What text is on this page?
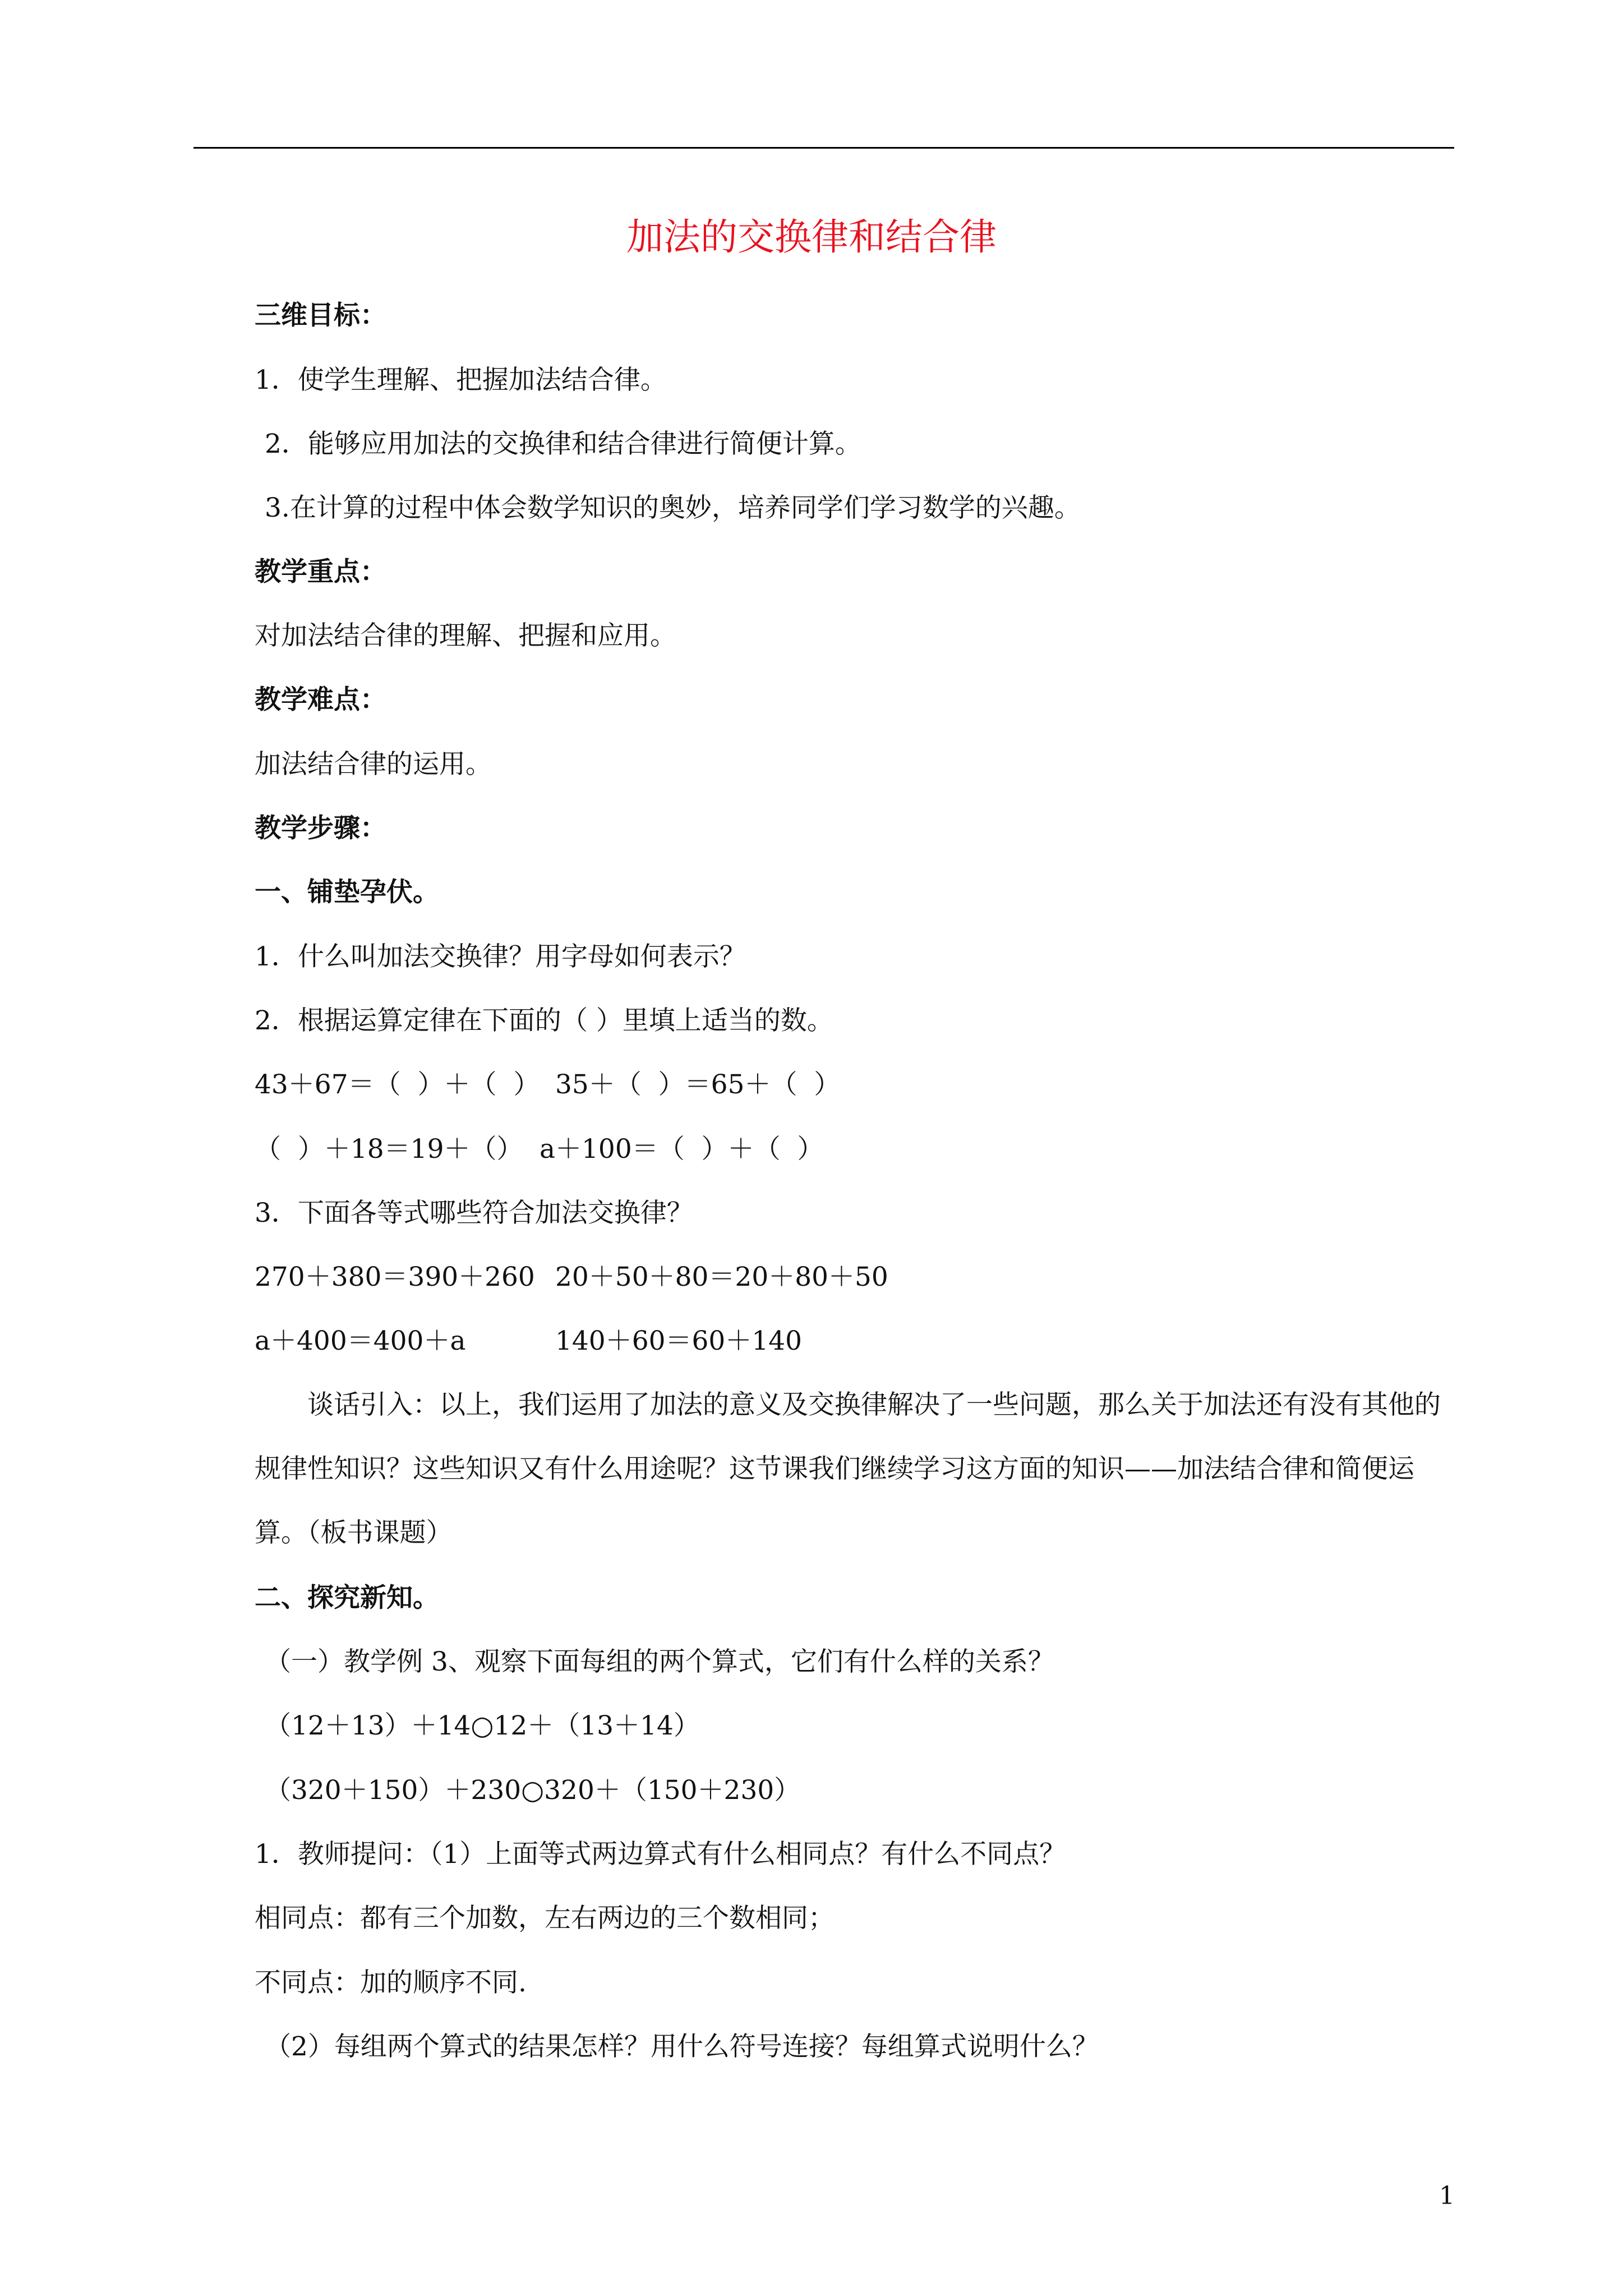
加法的交换律和结合律
三维目标：
1．使学生理解、把握加法结合律。
2．能够应用加法的交换律和结合律进行简便计算。
3.在计算的过程中体会数学知识的奥妙，培养同学们学习数学的兴趣。
教学重点：
对加法结合律的理解、把握和应用。
教学难点：
加法结合律的运用。
教学步骤：
一、铺垫孕伏。
1．什么叫加法交换律？用字母如何表示？
2．根据运算定律在下面的（ ）里填上适当的数。
43＋67＝（  ）＋（  ） 35＋（  ）＝65＋（  ）
（  ）＋18＝19＋（） a＋100＝（  ）＋（  ）
3．下面各等式哪些符合加法交换律？
270＋380＝390＋260 20＋50＋80＝20＋80＋50
a＋400＝400＋a	140＋60＝60＋140
谈话引入：以上，我们运用了加法的意义及交换律解决了一些问题，那么关于加法还有没有其他的规律性知识？这些知识又有什么用途呢？这节课我们继续学习这方面的知识——加法结合律和简便运算。（板书课题）
二、探究新知。
（一）教学例 3、观察下面每组的两个算式，它们有什么样的关系？
（12＋13）＋14○12＋（13＋14）
（320＋150）＋230○320＋（150＋230）
1．教师提问：（1）上面等式两边算式有什么相同点？有什么不同点？
相同点：都有三个加数，左右两边的三个数相同；
不同点：加的顺序不同.
（2）每组两个算式的结果怎样？用什么符号连接？每组算式说明什么？
1
